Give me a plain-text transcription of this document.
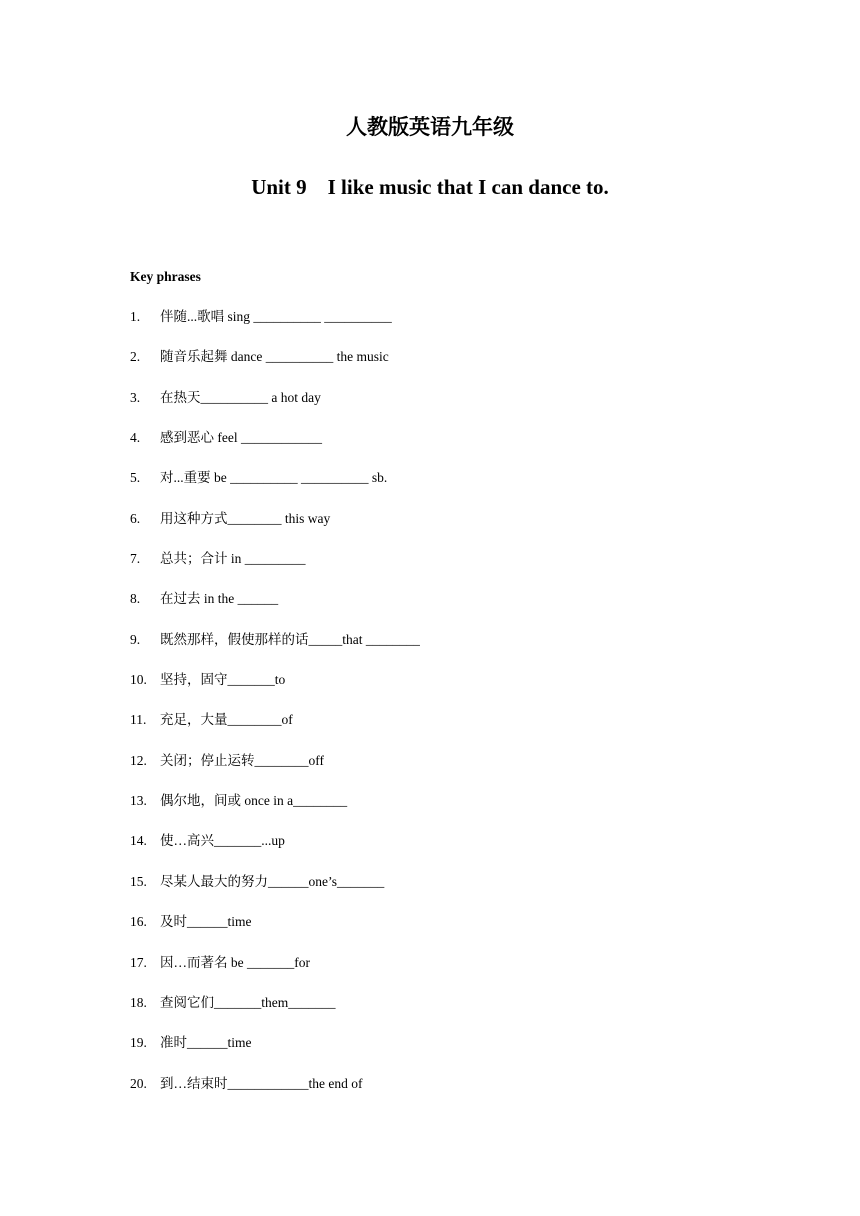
人教版英语九年级
Unit 9    I like music that I can dance to.
Key phrases
1. 伴随...歌唱 sing __________ __________
2. 随音乐起舞 dance __________ the music
3. 在热天__________ a hot day
4. 感到恶心 feel ____________
5. 对...重要 be __________ __________ sb.
6. 用这种方式________ this way
7. 总共；合计 in _________
8. 在过去 in the ______
9. 既然那样，假使那样的话_____that ________
10. 坚持，固守_______to
11. 充足，大量________of
12. 关闭；停止运转________off
13. 偶尔地，间或 once in a________
14. 使…高兴_______...up
15. 尽某人最大的努力______one’s_______
16. 及时______time
17. 因…而著名 be _______for
18. 查阅它们_______them_______
19. 准时______time
20. 到…结束时____________the end of
